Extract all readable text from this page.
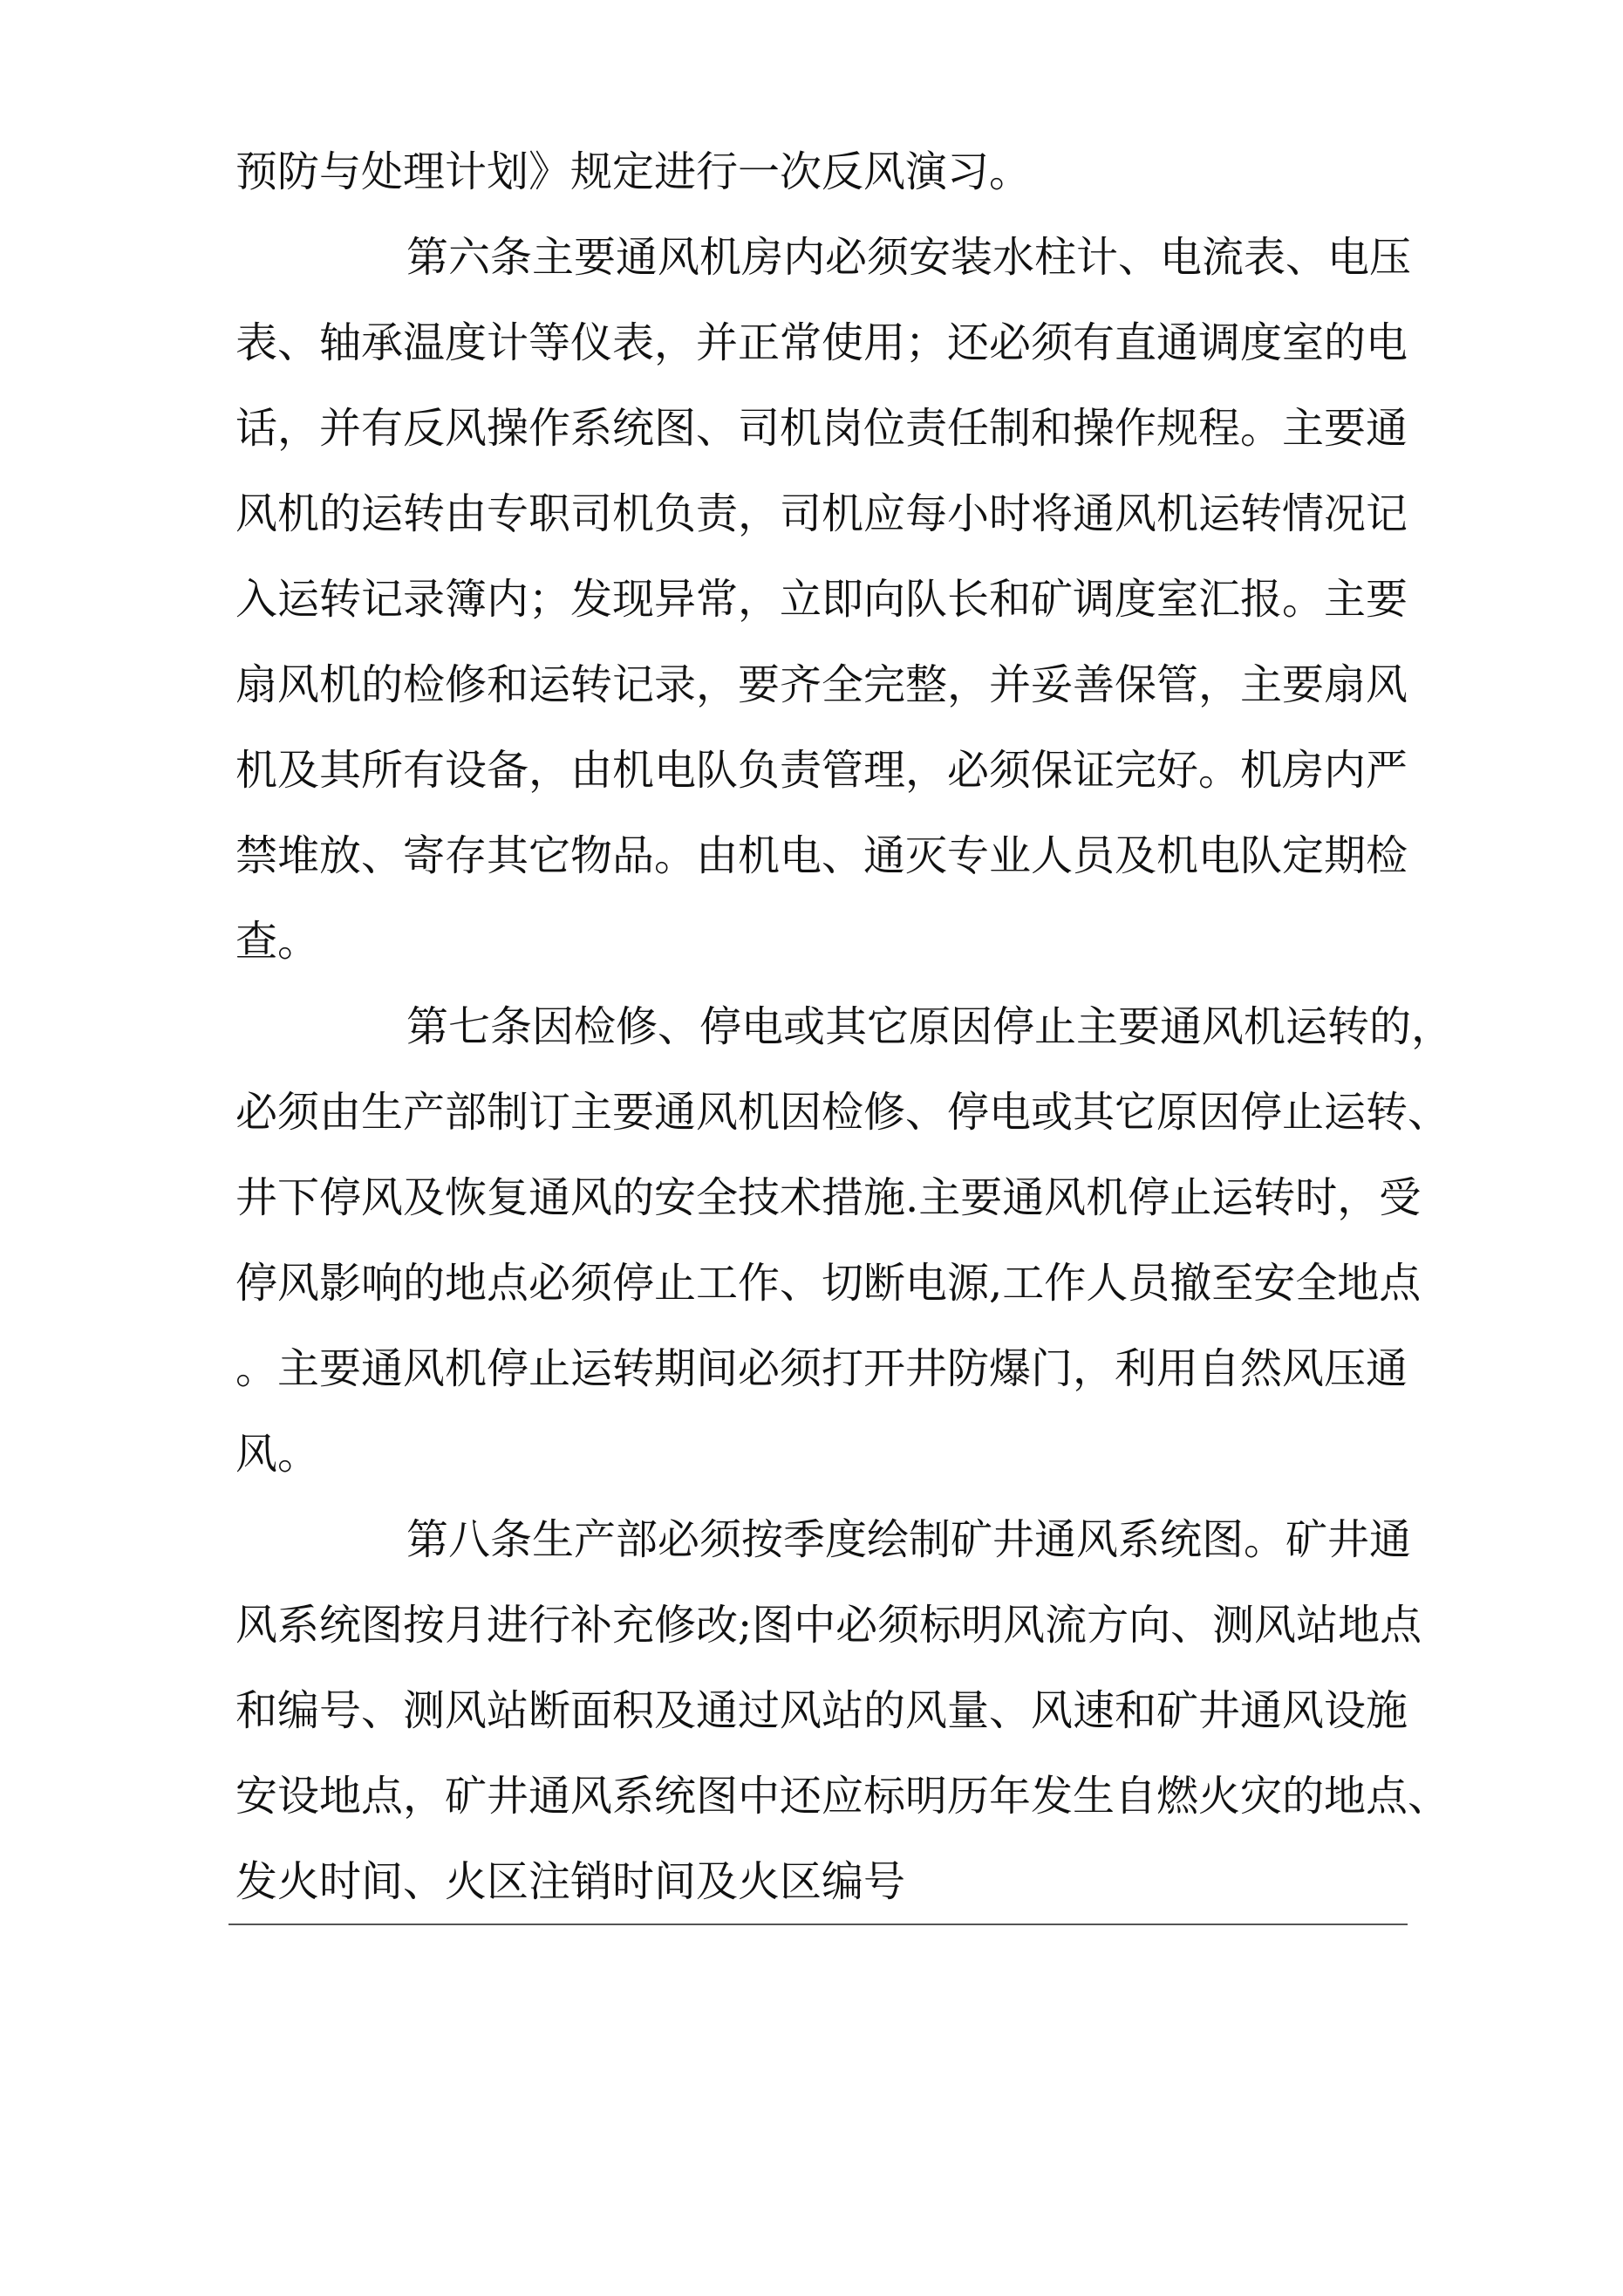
预防与处理计划》规定进行一次反风演习。
第六条主要通风机房内必须安装水柱计、电流表、电压
表、轴承温度计等仪表，并正常使用；还必须有直通调度室的电
话，并有反风操作系统图、司机岗位责任制和操作规程。主要通
风机的运转由专职司机负责，司机应每小时将通风机运转情况记
入运转记录簿内；发现异常，立即向队长和矿调度室汇报。主要
扇风机的检修和运转记录，要齐全完整，并妥善保管，主要扇风
机及其所有设备，由机电队负责管理，必须保证完好。机房内严
禁堆放、寄存其它物品。由机电、通灭专业人员及机电队定期检
查。
第七条因检修、停电或其它原因停止主要通风机运转的，
必须由生产部制订主要通风机因检修、停电或其它原因停止运转、
井下停风及恢复通风的安全技术措施.主要通风机停止运转时，受
停风影响的地点必须停止工作、切断电源,工作人员撤至安全地点
。主要通风机停止运转期间必须打开井防爆门，利用自然风压通
风。
第八条生产部必须按季度绘制矿井通风系统图。矿井通
风系统图按月进行补充修改;图中必须标明风流方向、测风站地点
和编号、测风站断面积及通过风站的风量、风速和矿井通风设施
安设地点，矿井通风系统图中还应标明历年发生自燃火灾的地点、
发火时间、火区注销时间及火区编号
